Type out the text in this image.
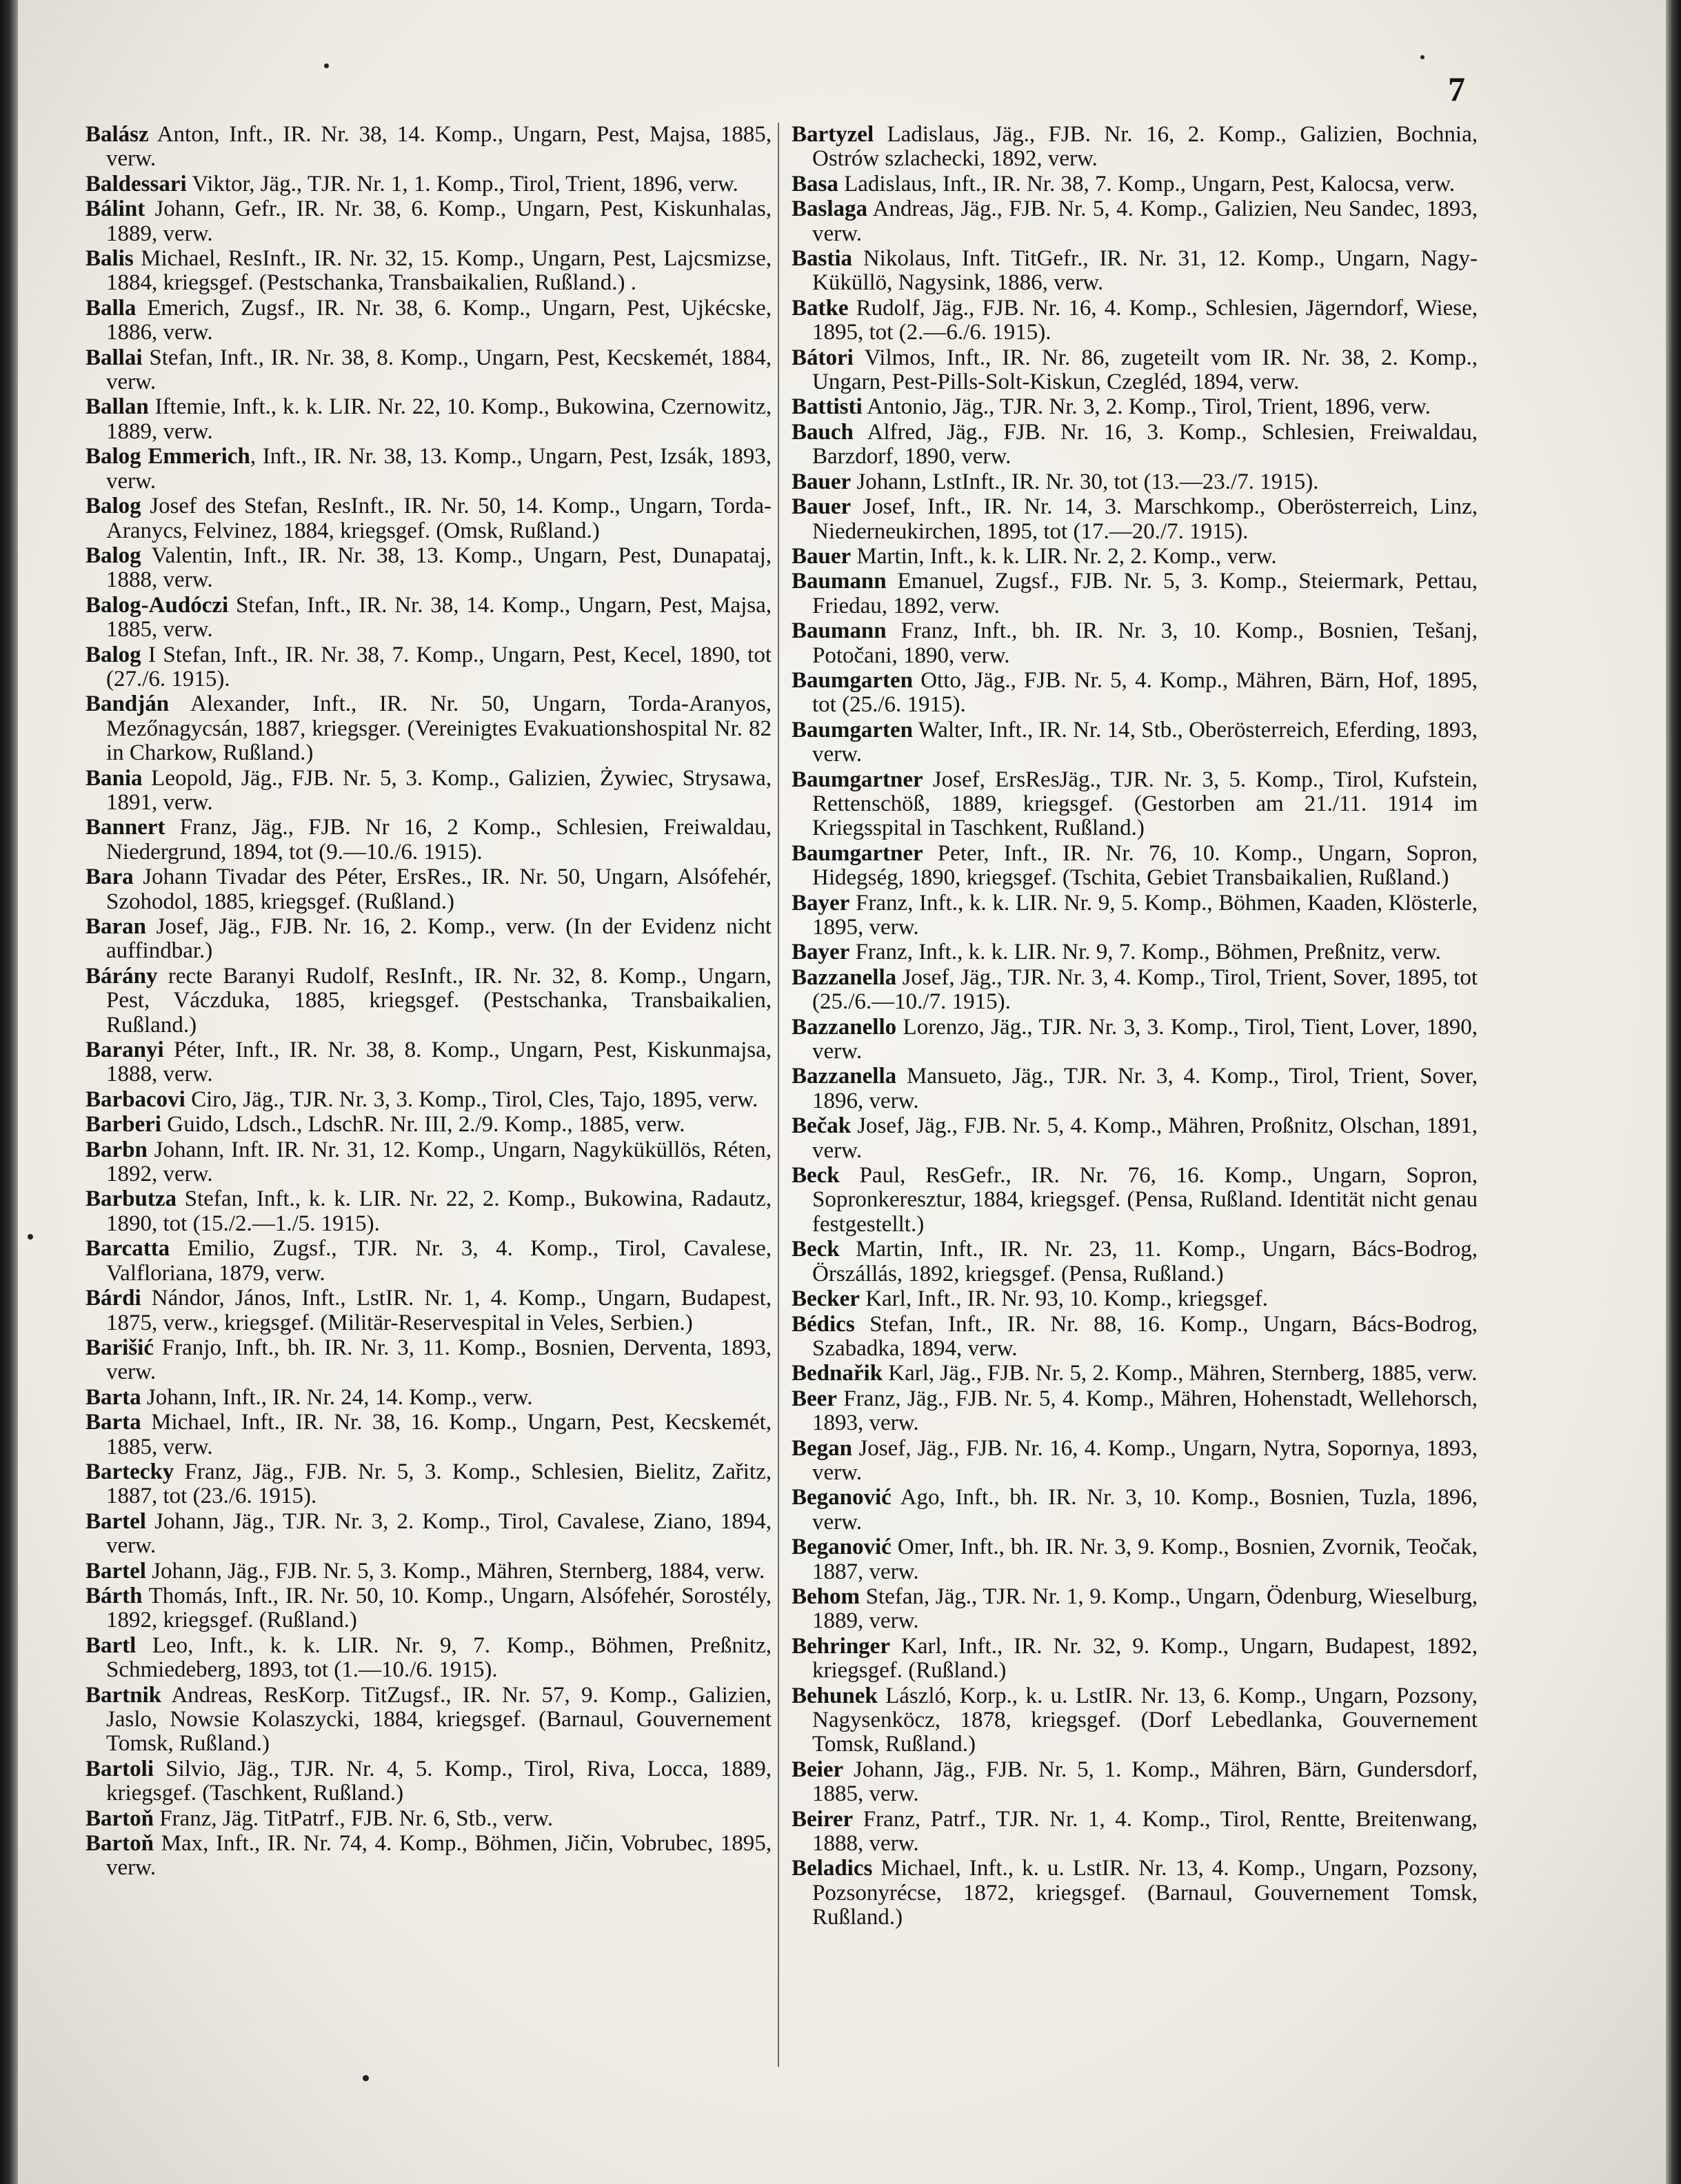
7

Balász Anton, Inft., IR. Nr. 38, 14. Komp., Ungarn, Pest, Majsa, 1885, verw.

Baldessari Viktor, Jäg., TJR. Nr. 1, 1. Komp., Tirol, Trient, 1896, verw.

Bálint Johann, Gefr., IR. Nr. 38, 6. Komp., Ungarn, Pest, Kiskunhalas, 1889, verw.

Balis Michael, ResInft., IR. Nr. 32, 15. Komp., Ungarn, Pest, Lajcsmizse, 1884, kriegsgef. (Pestschanka, Transbaikalien, Rußland.) .

Balla Emerich, Zugsf., IR. Nr. 38, 6. Komp., Ungarn, Pest, Ujkécske, 1886, verw.

Ballai Stefan, Inft., IR. Nr. 38, 8. Komp., Ungarn, Pest, Kecskemét, 1884, verw.

Ballan Iftemie, Inft., k. k. LIR. Nr. 22, 10. Komp., Bukowina, Czernowitz, 1889, verw.

Balog Emmerich, Inft., IR. Nr. 38, 13. Komp., Ungarn, Pest, Izsák, 1893, verw.

Balog Josef des Stefan, ResInft., IR. Nr. 50, 14. Komp., Ungarn, Torda-Aranycs, Felvinez, 1884, kriegsgef. (Omsk, Rußland.)

Balog Valentin, Inft., IR. Nr. 38, 13. Komp., Ungarn, Pest, Dunapataj, 1888, verw.

Balog-Audóczi Stefan, Inft., IR. Nr. 38, 14. Komp., Ungarn, Pest, Majsa, 1885, verw.

Balog I Stefan, Inft., IR. Nr. 38, 7. Komp., Ungarn, Pest, Kecel, 1890, tot (27./6. 1915).

Bandján Alexander, Inft., IR. Nr. 50, Ungarn, Torda-Aranyos, Mezőnagycsán, 1887, kriegsger. (Vereinigtes Evakuationshospital Nr. 82 in Charkow, Rußland.)

Bania Leopold, Jäg., FJB. Nr. 5, 3. Komp., Galizien, Żywiec, Strysawa, 1891, verw.

Bannert Franz, Jäg., FJB. Nr 16, 2 Komp., Schlesien, Freiwaldau, Niedergrund, 1894, tot (9.—10./6. 1915).

Bara Johann Tivadar des Péter, ErsRes., IR. Nr. 50, Ungarn, Alsófehér, Szohodol, 1885, kriegsgef. (Rußland.)

Baran Josef, Jäg., FJB. Nr. 16, 2. Komp., verw. (In der Evidenz nicht auffindbar.)

Bárány recte Baranyi Rudolf, ResInft., IR. Nr. 32, 8. Komp., Ungarn, Pest, Váczduka, 1885, kriegsgef. (Pestschanka, Transbaikalien, Rußland.)

Baranyi Péter, Inft., IR. Nr. 38, 8. Komp., Ungarn, Pest, Kiskunmajsa, 1888, verw.

Barbacovi Ciro, Jäg., TJR. Nr. 3, 3. Komp., Tirol, Cles, Tajo, 1895, verw.

Barberi Guido, Ldsch., LdschR. Nr. III, 2./9. Komp., 1885, verw.

Barbn Johann, Inft. IR. Nr. 31, 12. Komp., Ungarn, Nagyküküllös, Réten, 1892, verw.

Barbutza Stefan, Inft., k. k. LIR. Nr. 22, 2. Komp., Bukowina, Radautz, 1890, tot (15./2.—1./5. 1915).

Barcatta Emilio, Zugsf., TJR. Nr. 3, 4. Komp., Tirol, Cavalese, Valfloriana, 1879, verw.

Bárdi Nándor, János, Inft., LstIR. Nr. 1, 4. Komp., Ungarn, Budapest, 1875, verw., kriegsgef. (Militär-Reservespital in Veles, Serbien.)

Barišić Franjo, Inft., bh. IR. Nr. 3, 11. Komp., Bosnien, Derventa, 1893, verw.

Barta Johann, Inft., IR. Nr. 24, 14. Komp., verw.

Barta Michael, Inft., IR. Nr. 38, 16. Komp., Ungarn, Pest, Kecskemét, 1885, verw.

Bartecky Franz, Jäg., FJB. Nr. 5, 3. Komp., Schlesien, Bielitz, Zařitz, 1887, tot (23./6. 1915).

Bartel Johann, Jäg., TJR. Nr. 3, 2. Komp., Tirol, Cavalese, Ziano, 1894, verw.

Bartel Johann, Jäg., FJB. Nr. 5, 3. Komp., Mähren, Sternberg, 1884, verw.

Bárth Thomás, Inft., IR. Nr. 50, 10. Komp., Ungarn, Alsófehér, Sorostély, 1892, kriegsgef. (Rußland.)

Bartl Leo, Inft., k. k. LIR. Nr. 9, 7. Komp., Böhmen, Preßnitz, Schmiedeberg, 1893, tot (1.—10./6. 1915).

Bartnik Andreas, ResKorp. TitZugsf., IR. Nr. 57, 9. Komp., Galizien, Jaslo, Nowsie Kolaszycki, 1884, kriegsgef. (Barnaul, Gouvernement Tomsk, Rußland.)

Bartoli Silvio, Jäg., TJR. Nr. 4, 5. Komp., Tirol, Riva, Locca, 1889, kriegsgef. (Taschkent, Rußland.)

Bartoň Franz, Jäg. TitPatrf., FJB. Nr. 6, Stb., verw.

Bartoň Max, Inft., IR. Nr. 74, 4. Komp., Böhmen, Jičin, Vobrubec, 1895, verw.

Bartyzel Ladislaus, Jäg., FJB. Nr. 16, 2. Komp., Galizien, Bochnia, Ostrów szlachecki, 1892, verw.

Basa Ladislaus, Inft., IR. Nr. 38, 7. Komp., Ungarn, Pest, Kalocsa, verw.

Baslaga Andreas, Jäg., FJB. Nr. 5, 4. Komp., Galizien, Neu Sandec, 1893, verw.

Bastia Nikolaus, Inft. TitGefr., IR. Nr. 31, 12. Komp., Ungarn, Nagy-Küküllö, Nagysink, 1886, verw.

Batke Rudolf, Jäg., FJB. Nr. 16, 4. Komp., Schlesien, Jägerndorf, Wiese, 1895, tot (2.—6./6. 1915).

Bátori Vilmos, Inft., IR. Nr. 86, zugeteilt vom IR. Nr. 38, 2. Komp., Ungarn, Pest-Pills-Solt-Kiskun, Czegléd, 1894, verw.

Battisti Antonio, Jäg., TJR. Nr. 3, 2. Komp., Tirol, Trient, 1896, verw.

Bauch Alfred, Jäg., FJB. Nr. 16, 3. Komp., Schlesien, Freiwaldau, Barzdorf, 1890, verw.

Bauer Johann, LstInft., IR. Nr. 30, tot (13.—23./7. 1915).

Bauer Josef, Inft., IR. Nr. 14, 3. Marschkomp., Oberösterreich, Linz, Niederneukirchen, 1895, tot (17.—20./7. 1915).

Bauer Martin, Inft., k. k. LIR. Nr. 2, 2. Komp., verw.

Baumann Emanuel, Zugsf., FJB. Nr. 5, 3. Komp., Steiermark, Pettau, Friedau, 1892, verw.

Baumann Franz, Inft., bh. IR. Nr. 3, 10. Komp., Bosnien, Tešanj, Potočani, 1890, verw.

Baumgarten Otto, Jäg., FJB. Nr. 5, 4. Komp., Mähren, Bärn, Hof, 1895, tot (25./6. 1915).

Baumgarten Walter, Inft., IR. Nr. 14, Stb., Oberösterreich, Eferding, 1893, verw.

Baumgartner Josef, ErsResJäg., TJR. Nr. 3, 5. Komp., Tirol, Kufstein, Rettenschöß, 1889, kriegsgef. (Gestorben am 21./11. 1914 im Kriegsspital in Taschkent, Rußland.)

Baumgartner Peter, Inft., IR. Nr. 76, 10. Komp., Ungarn, Sopron, Hidegség, 1890, kriegsgef. (Tschita, Gebiet Transbaikalien, Rußland.)

Bayer Franz, Inft., k. k. LIR. Nr. 9, 5. Komp., Böhmen, Kaaden, Klösterle, 1895, verw.

Bayer Franz, Inft., k. k. LIR. Nr. 9, 7. Komp., Böhmen, Preßnitz, verw.

Bazzanella Josef, Jäg., TJR. Nr. 3, 4. Komp., Tirol, Trient, Sover, 1895, tot (25./6.—10./7. 1915).

Bazzanello Lorenzo, Jäg., TJR. Nr. 3, 3. Komp., Tirol, Tient, Lover, 1890, verw.

Bazzanella Mansueto, Jäg., TJR. Nr. 3, 4. Komp., Tirol, Trient, Sover, 1896, verw.

Bečak Josef, Jäg., FJB. Nr. 5, 4. Komp., Mähren, Proßnitz, Olschan, 1891, verw.

Beck Paul, ResGefr., IR. Nr. 76, 16. Komp., Ungarn, Sopron, Sopronkeresztur, 1884, kriegsgef. (Pensa, Rußland. Identität nicht genau festgestellt.)

Beck Martin, Inft., IR. Nr. 23, 11. Komp., Ungarn, Bács-Bodrog, Örszállás, 1892, kriegsgef. (Pensa, Rußland.)

Becker Karl, Inft., IR. Nr. 93, 10. Komp., kriegsgef.

Bédics Stefan, Inft., IR. Nr. 88, 16. Komp., Ungarn, Bács-Bodrog, Szabadka, 1894, verw.

Bednařik Karl, Jäg., FJB. Nr. 5, 2. Komp., Mähren, Sternberg, 1885, verw.

Beer Franz, Jäg., FJB. Nr. 5, 4. Komp., Mähren, Hohenstadt, Wellehorsch, 1893, verw.

Began Josef, Jäg., FJB. Nr. 16, 4. Komp., Ungarn, Nytra, Sopornya, 1893, verw.

Beganović Ago, Inft., bh. IR. Nr. 3, 10. Komp., Bosnien, Tuzla, 1896, verw.

Beganović Omer, Inft., bh. IR. Nr. 3, 9. Komp., Bosnien, Zvornik, Teočak, 1887, verw.

Behom Stefan, Jäg., TJR. Nr. 1, 9. Komp., Ungarn, Ödenburg, Wieselburg, 1889, verw.

Behringer Karl, Inft., IR. Nr. 32, 9. Komp., Ungarn, Budapest, 1892, kriegsgef. (Rußland.)

Behunek László, Korp., k. u. LstIR. Nr. 13, 6. Komp., Ungarn, Pozsony, Nagysenköcz, 1878, kriegsgef. (Dorf Lebedlanka, Gouvernement Tomsk, Rußland.)

Beier Johann, Jäg., FJB. Nr. 5, 1. Komp., Mähren, Bärn, Gundersdorf, 1885, verw.

Beirer Franz, Patrf., TJR. Nr. 1, 4. Komp., Tirol, Rentte, Breitenwang, 1888, verw.

Beladics Michael, Inft., k. u. LstIR. Nr. 13, 4. Komp., Ungarn, Pozsony, Pozsonyrécse, 1872, kriegsgef. (Barnaul, Gouvernement Tomsk, Rußland.)
